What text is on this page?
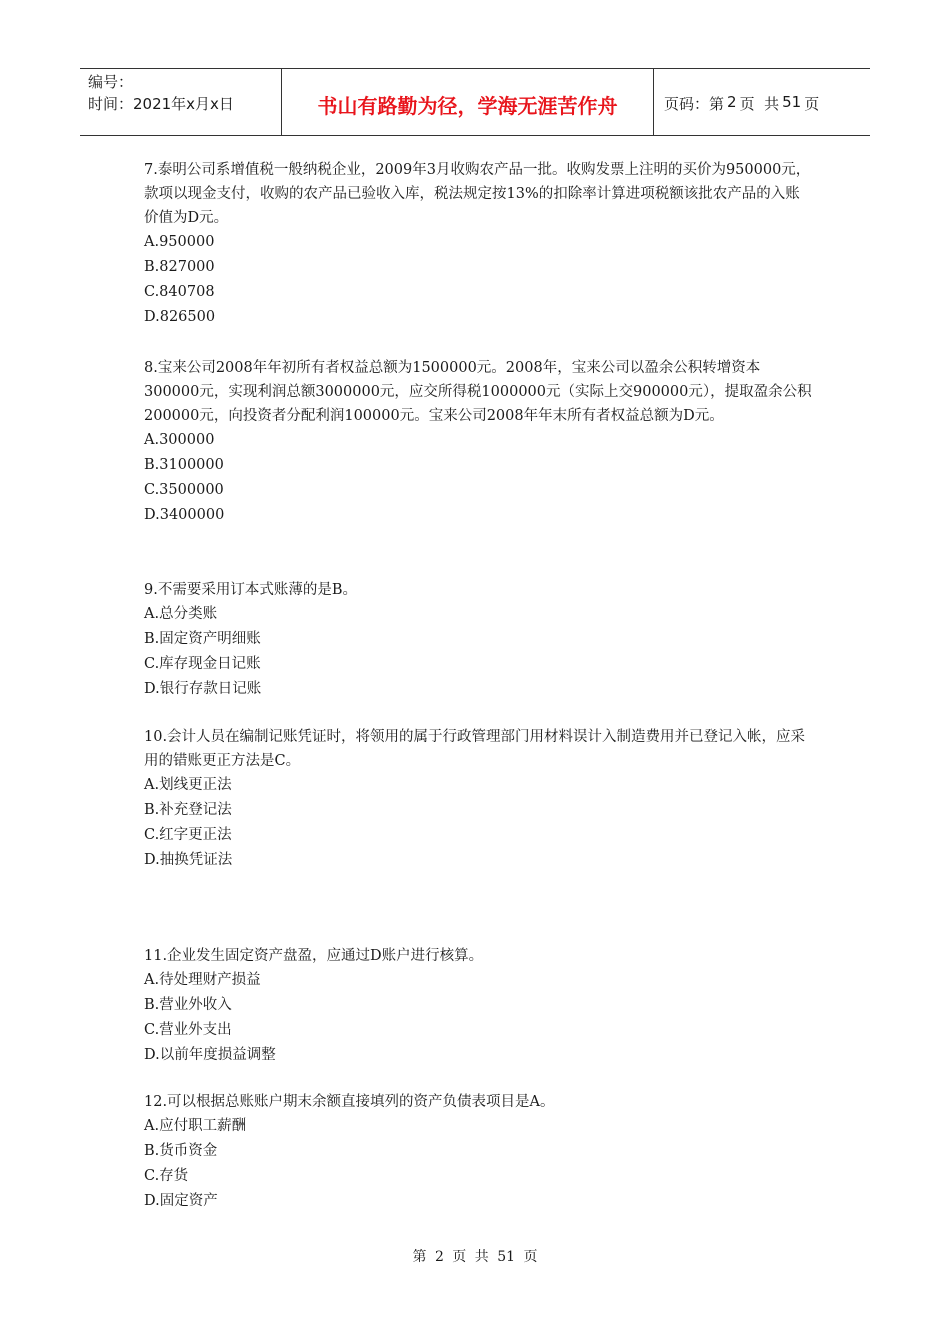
编号：
时间：2021年x月x日	书山有路勤为径，学海无涯苦作舟	页码：第 2 页  共 51 页

7.泰明公司系增值税一般纳税企业，2009年3月收购农产品一批。收购发票上注明的买价为950000元，款项以现金支付，收购的农产品已验收入库，税法规定按13%的扣除率计算进项税额该批农产品的入账价值为D元。

A.950000

B.827000

C.840708

D.826500

8.宝来公司2008年年初所有者权益总额为1500000元。2008年，宝来公司以盈余公积转增资本300000元，实现利润总额3000000元，应交所得税1000000元（实际上交900000元），提取盈余公积200000元，向投资者分配利润100000元。宝来公司2008年年末所有者权益总额为D元。

A.300000

B.3100000

C.3500000

D.3400000

9.不需要采用订本式账薄的是B。

A.总分类账

B.固定资产明细账

C.库存现金日记账

D.银行存款日记账

10.会计人员在编制记账凭证时，将领用的属于行政管理部门用材料误计入制造费用并已登记入帐，应采用的错账更正方法是C。

A.划线更正法

B.补充登记法

C.红字更正法

D.抽换凭证法

11.企业发生固定资产盘盈，应通过D账户进行核算。

A.待处理财产损益

B.营业外收入

C.营业外支出

D.以前年度损益调整

12.可以根据总账账户期末余额直接填列的资产负债表项目是A。

A.应付职工薪酬

B.货币资金

C.存货

D.固定资产

第 2 页 共 51 页
